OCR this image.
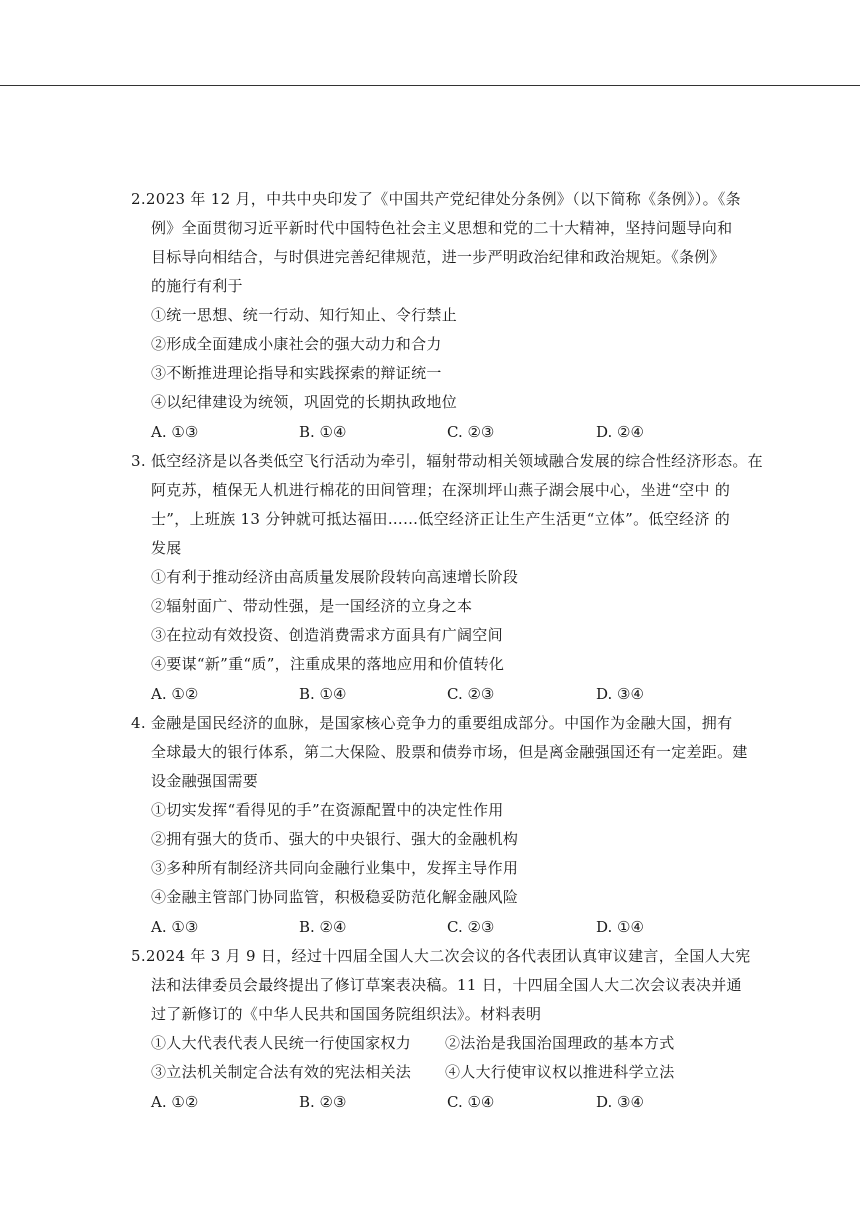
2.2023 年 12 月，中共中央印发了《中国共产党纪律处分条例》（以下简称《条例》）。《条
例》全面贯彻习近平新时代中国特色社会主义思想和党的二十大精神，坚持问题导向和
目标导向相结合，与时俱进完善纪律规范，进一步严明政治纪律和政治规矩。《条例》
的施行有利于
①统一思想、统一行动、知行知止、令行禁止
②形成全面建成小康社会的强大动力和合力
③不断推进理论指导和实践探索的辩证统一
④以纪律建设为统领，巩固党的长期执政地位
A. ①③	B. ①④	C. ②③	D. ②④
3. 低空经济是以各类低空飞行活动为牵引，辐射带动相关领域融合发展的综合性经济形态。在
阿克苏，植保无人机进行棉花的田间管理；在深圳坪山燕子湖会展中心，坐进“空中 的
士”，上班族 13 分钟就可抵达福田……低空经济正让生产生活更“立体”。低空经济 的
发展
①有利于推动经济由高质量发展阶段转向高速增长阶段
②辐射面广、带动性强，是一国经济的立身之本
③在拉动有效投资、创造消费需求方面具有广阔空间
④要谋“新”重“质”，注重成果的落地应用和价值转化
A. ①②	B. ①④	C. ②③	D. ③④
4. 金融是国民经济的血脉，是国家核心竞争力的重要组成部分。中国作为金融大国，拥有
全球最大的银行体系，第二大保险、股票和债券市场，但是离金融强国还有一定差距。建
设金融强国需要
①切实发挥“看得见的手”在资源配置中的决定性作用
②拥有强大的货币、强大的中央银行、强大的金融机构
③多种所有制经济共同向金融行业集中，发挥主导作用
④金融主管部门协同监管，积极稳妥防范化解金融风险
A. ①③	B. ②④	C. ②③	D. ①④
5.2024 年 3 月 9 日，经过十四届全国人大二次会议的各代表团认真审议建言，全国人大宪
法和法律委员会最终提出了修订草案表决稿。11 日，十四届全国人大二次会议表决并通
过了新修订的《中华人民共和国国务院组织法》。材料表明
①人大代表代表人民统一行使国家权力 ②法治是我国治国理政的基本方式
③立法机关制定合法有效的宪法相关法 ④人大行使审议权以推进科学立法
A. ①②	B. ②③	C. ①④	D. ③④
